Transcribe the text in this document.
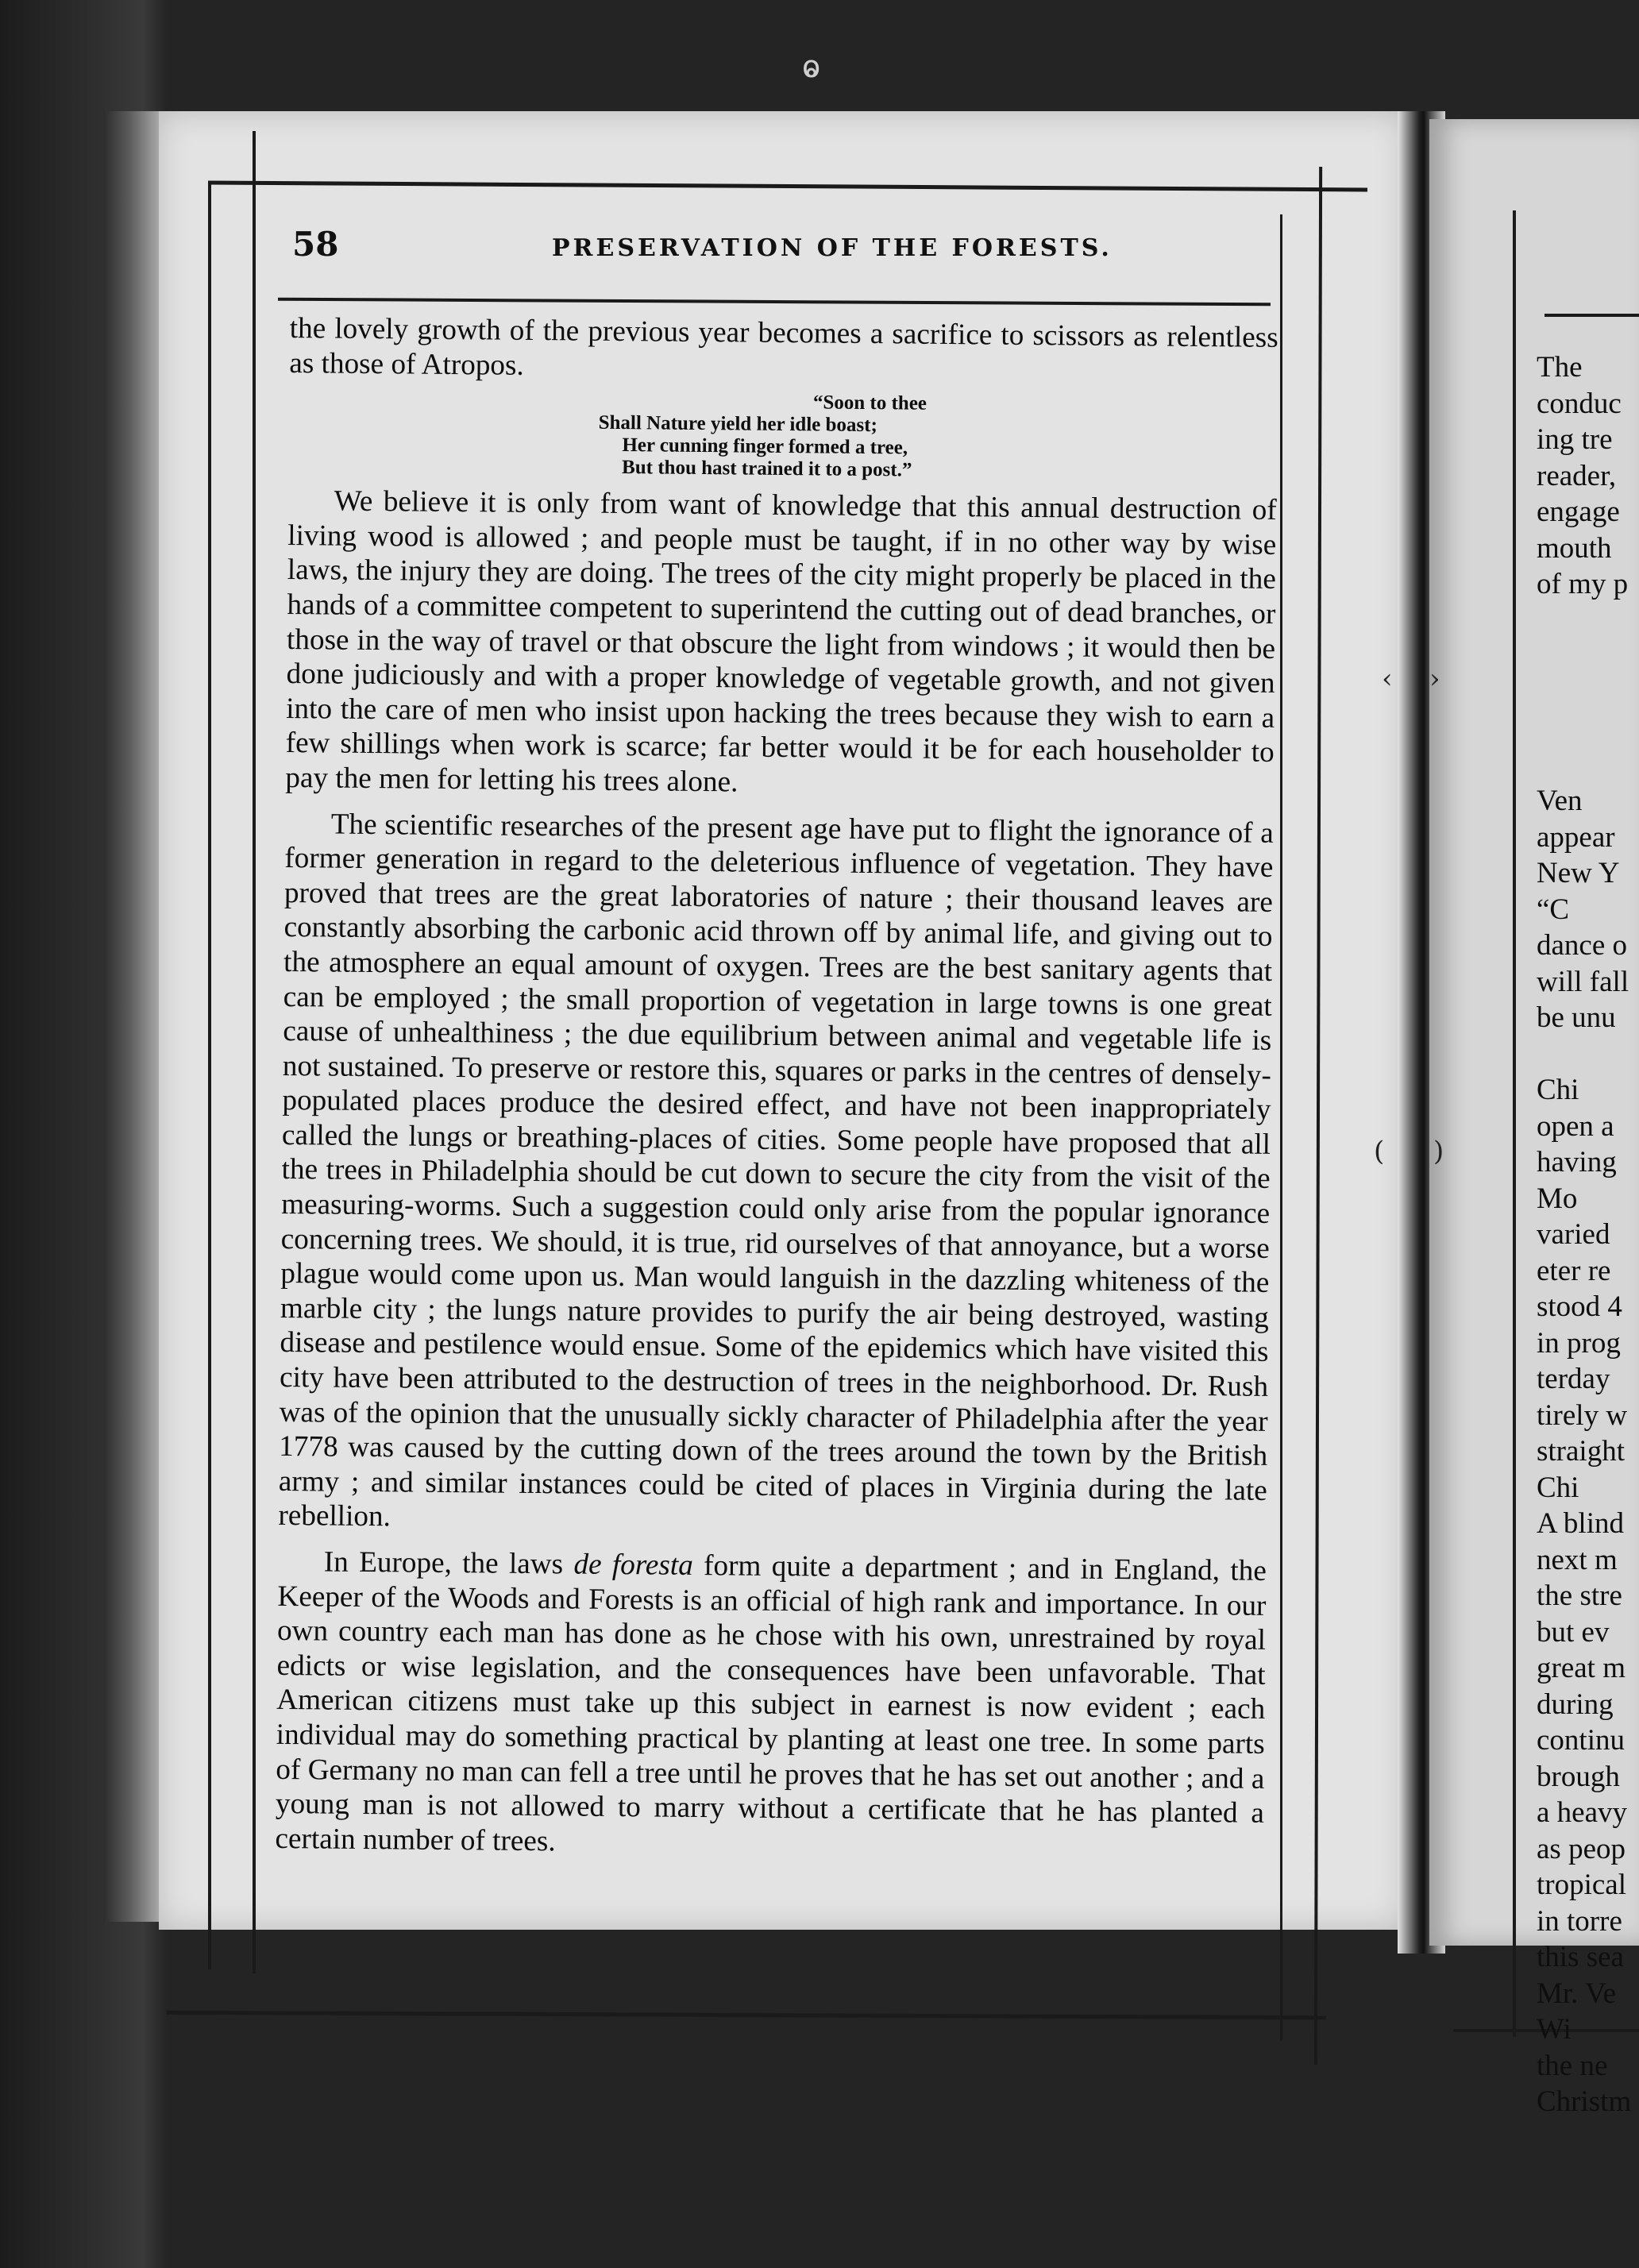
ⱺ
58	PRESERVATION OF THE FORESTS.

the lovely growth of the previous year becomes a sacrifice to scissors as relentless as those of Atropos.

“Soon to thee
Shall Nature yield her idle boast;
Her cunning finger formed a tree,
But thou hast trained it to a post.”

We believe it is only from want of knowledge that this annual destruction of living wood is allowed ; and people must be taught, if in no other way by wise laws, the injury they are doing. The trees of the city might properly be placed in the hands of a committee competent to superintend the cutting out of dead branches, or those in the way of travel or that obscure the light from windows ; it would then be done judiciously and with a proper knowledge of vegetable growth, and not given into the care of men who insist upon hacking the trees because they wish to earn a few shillings when work is scarce; far better would it be for each householder to pay the men for letting his trees alone.

The scientific researches of the present age have put to flight the ignorance of a former generation in regard to the deleterious influence of vegetation. They have proved that trees are the great laboratories of nature ; their thousand leaves are constantly absorbing the carbonic acid thrown off by animal life, and giving out to the atmosphere an equal amount of oxygen. Trees are the best sanitary agents that can be employed ; the small proportion of vegetation in large towns is one great cause of unhealthiness ; the due equilibrium between animal and vegetable life is not sustained. To preserve or restore this, squares or parks in the centres of densely-populated places produce the desired effect, and have not been inappropriately called the lungs or breathing-places of cities. Some people have proposed that all the trees in Philadelphia should be cut down to secure the city from the visit of the measuring-worms. Such a suggestion could only arise from the popular ignorance concerning trees. We should, it is true, rid ourselves of that annoyance, but a worse plague would come upon us. Man would languish in the dazzling whiteness of the marble city ; the lungs nature provides to purify the air being destroyed, wasting disease and pestilence would ensue. Some of the epidemics which have visited this city have been attributed to the destruction of trees in the neighborhood. Dr. Rush was of the opinion that the unusually sickly character of Philadelphia after the year 1778 was caused by the cutting down of the trees around the town by the British army ; and similar instances could be cited of places in Virginia during the late rebellion.

In Europe, the laws de foresta form quite a department ; and in England, the Keeper of the Woods and Forests is an official of high rank and importance. In our own country each man has done as he chose with his own, unrestrained by royal edicts or wise legislation, and the consequences have been unfavorable. That American citizens must take up this subject in earnest is now evident ; each individual may do something practical by planting at least one tree. In some parts of Germany no man can fell a tree until he proves that he has set out another ; and a young man is not allowed to marry without a certificate that he has planted a certain number of trees.

‹ ›
( )
The
conduc
ing tre
reader,
engage
mouth
of my p
Ven
appear
New Y
“C
dance o
will fall
be unu
Chi
open a
having
Mo
varied
eter re
stood 4
in prog
terday
tirely w
straight
Chi
A blind
next m
the stre
but ev
great m
during
continu
brough
a heavy
as peop
tropical
in torre
this sea
Mr. Ve
Wi
the ne
Christm
